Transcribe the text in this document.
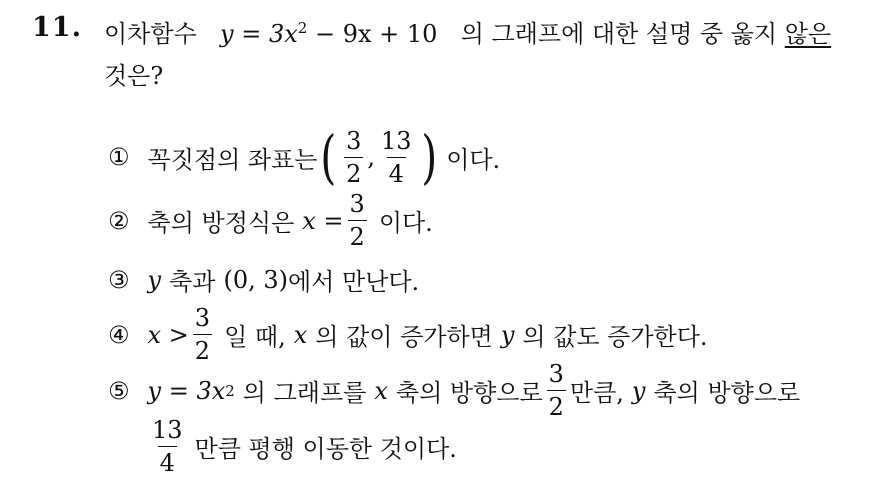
11. 이차함수 $y = 3x^2 - 9x + 10$ 의 그래프에 대한 설명 중 옳지 않은
것은?
① 꼭짓점의 좌표는 ( $\frac{3}{2}$ , $\frac{13}{4}$ ) 이다.
② 축의 방정식은 $x = \frac{3}{2}$ 이다.
③ y 축과 (0, 3) 에서 만난다.
④ $x > \frac{3}{2}$ 일 때, x 의 값이 증가하면 y 의 값도 증가한다.
⑤ y = 3x 2 의 그래프를 x 축의 방향으로 $\frac{3}{2}$ 만큼, y 축의 방향으로
$\frac{13}{4}$ 만큼 평행 이동한 것이다.
